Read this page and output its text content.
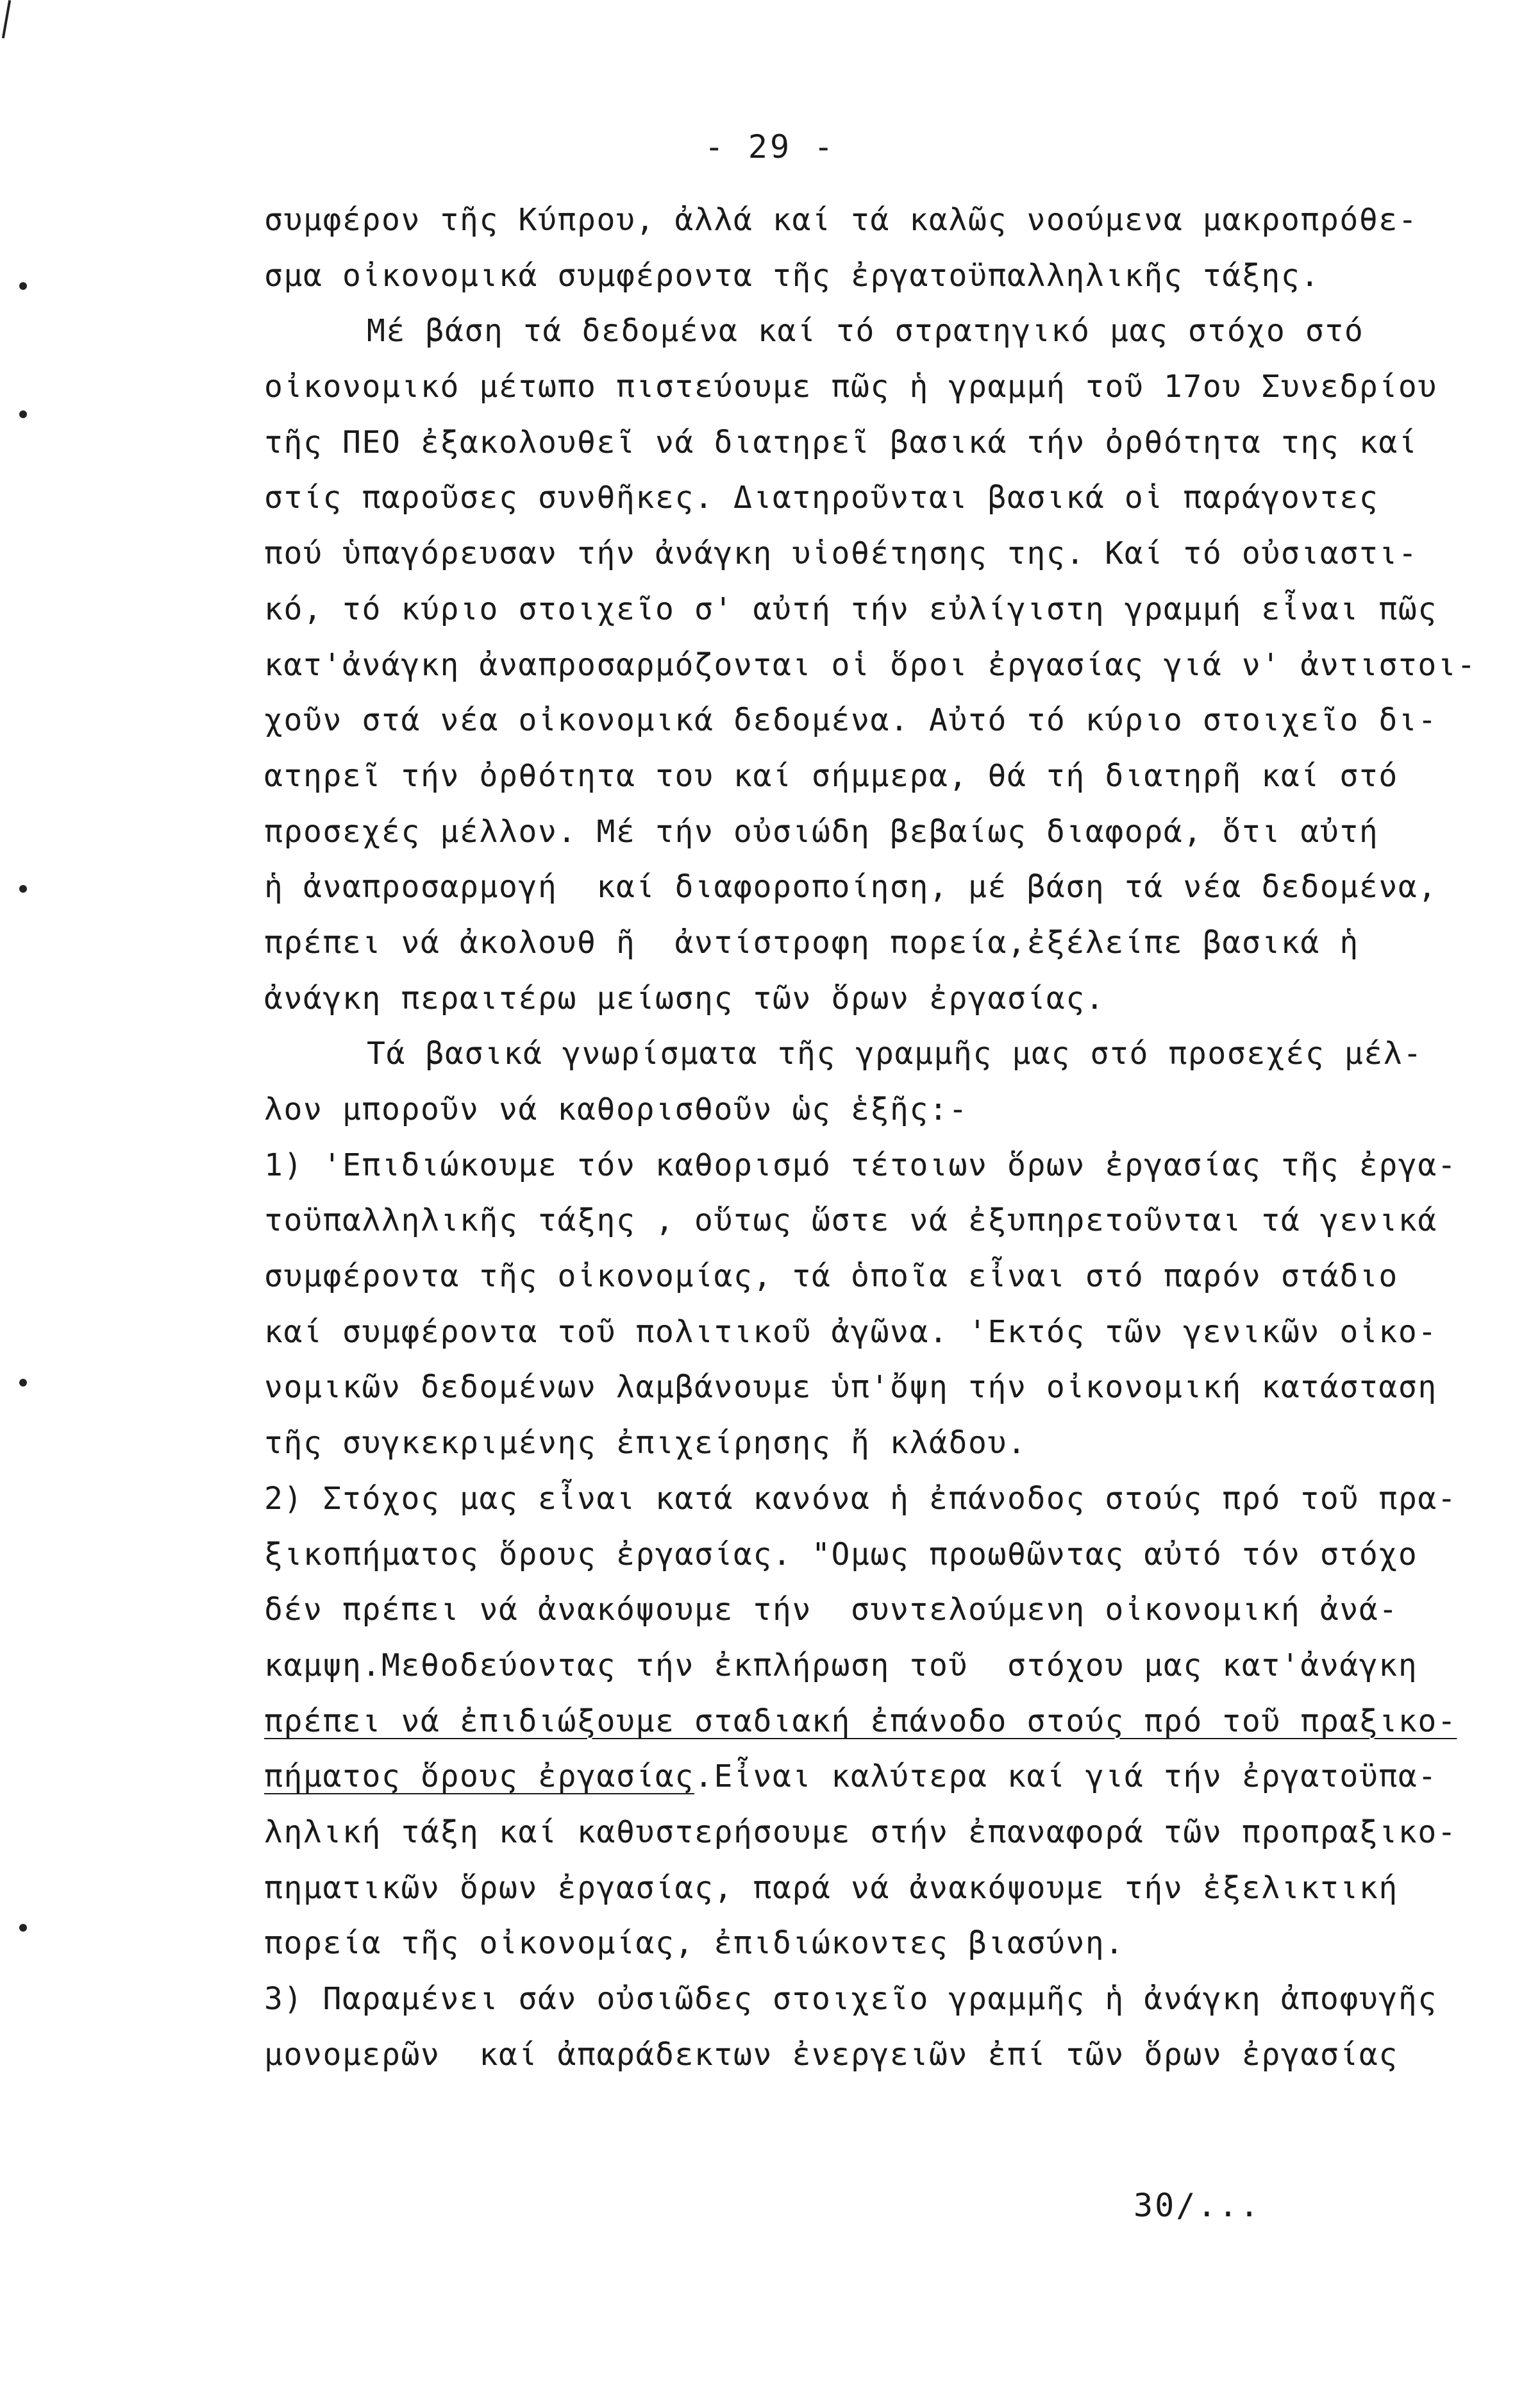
- 29 -
συμφέρον τῆς Κύπρου, ἀλλά καί τά καλῶς νοούμενα μακροπρόθε-
σμα οἰκονομικά συμφέροντα τῆς ἐργατοϋπαλληλικῆς τάξης.
Μέ βάση τά δεδομένα καί τό στρατηγικό μας στόχο στό
οἰκονομικό μέτωπο πιστεύουμε πῶς ἡ γραμμή τοῦ 17ου Συνεδρίου
τῆς ΠΕΟ ἐξακολουθεῖ νά διατηρεῖ βασικά τήν ὀρθότητα της καί
στίς παροῦσες συνθῆκες. Διατηροῦνται βασικά οἱ παράγοντες
πού ὑπαγόρευσαν τήν ἀνάγκη υἱοθέτησης της. Καί τό οὐσιαστι-
κό, τό κύριο στοιχεῖο σ' αὐτή τήν εὐλίγιστη γραμμή εἶναι πῶς
κατ'ἀνάγκη ἀναπροσαρμόζονται οἱ ὅροι ἐργασίας γιά ν' ἀντιστοι-
χοῦν στά νέα οἰκονομικά δεδομένα. Αὐτό τό κύριο στοιχεῖο δι-
ατηρεῖ τήν ὀρθότητα του καί σήμμερα, θά τή διατηρῆ καί στό
προσεχές μέλλον. Μέ τήν οὐσιώδη βεβαίως διαφορά, ὅτι αὐτή
ἡ ἀναπροσαρμογή  καί διαφοροποίηση, μέ βάση τά νέα δεδομένα,
πρέπει νά ἀκολουθ ῆ  ἀντίστροφη πορεία,ἐξέλείπε βασικά ἡ
ἀνάγκη περαιτέρω μείωσης τῶν ὅρων ἐργασίας.
Τά βασικά γνωρίσματα τῆς γραμμῆς μας στό προσεχές μέλ-
λον μποροῦν νά καθορισθοῦν ὡς ἑξῆς:-
1) 'Επιδιώκουμε τόν καθορισμό τέτοιων ὅρων ἐργασίας τῆς ἐργα-
τοϋπαλληλικῆς τάξης , οὕτως ὥστε νά ἐξυπηρετοῦνται τά γενικά
συμφέροντα τῆς οἰκονομίας, τά ὁποῖα εἶναι στό παρόν στάδιο
καί συμφέροντα τοῦ πολιτικοῦ ἀγῶνα. 'Εκτός τῶν γενικῶν οἰκο-
νομικῶν δεδομένων λαμβάνουμε ὑπ'ὄψη τήν οἰκονομική κατάσταση
τῆς συγκεκριμένης ἐπιχείρησης ἤ κλάδου.
2) Στόχος μας εἶναι κατά κανόνα ἡ ἐπάνοδος στούς πρό τοῦ πρα-
ξικοπήματος ὅρους ἐργασίας. "Ομως προωθῶντας αὐτό τόν στόχο
δέν πρέπει νά ἀνακόψουμε τήν  συντελούμενη οἰκονομική ἀνά-
καμψη.Μεθοδεύοντας τήν ἐκπλήρωση τοῦ  στόχου μας κατ'ἀνάγκη
πρέπει νά ἐπιδιώξουμε σταδιακή ἐπάνοδο στούς πρό τοῦ πραξικο-
πήματος ὅρους ἐργασίας.Εἶναι καλύτερα καί γιά τήν ἐργατοϋπα-
ληλική τάξη καί καθυστερήσουμε στήν ἐπαναφορά τῶν προπραξικο-
πηματικῶν ὅρων ἐργασίας, παρά νά ἀνακόψουμε τήν ἐξελικτική
πορεία τῆς οἰκονομίας, ἐπιδιώκοντες βιασύνη.
3) Παραμένει σάν οὐσιῶδες στοιχεῖο γραμμῆς ἡ ἀνάγκη ἀποφυγῆς
μονομερῶν  καί ἀπαράδεκτων ἐνεργειῶν ἐπί τῶν ὅρων ἐργασίας
30/...
